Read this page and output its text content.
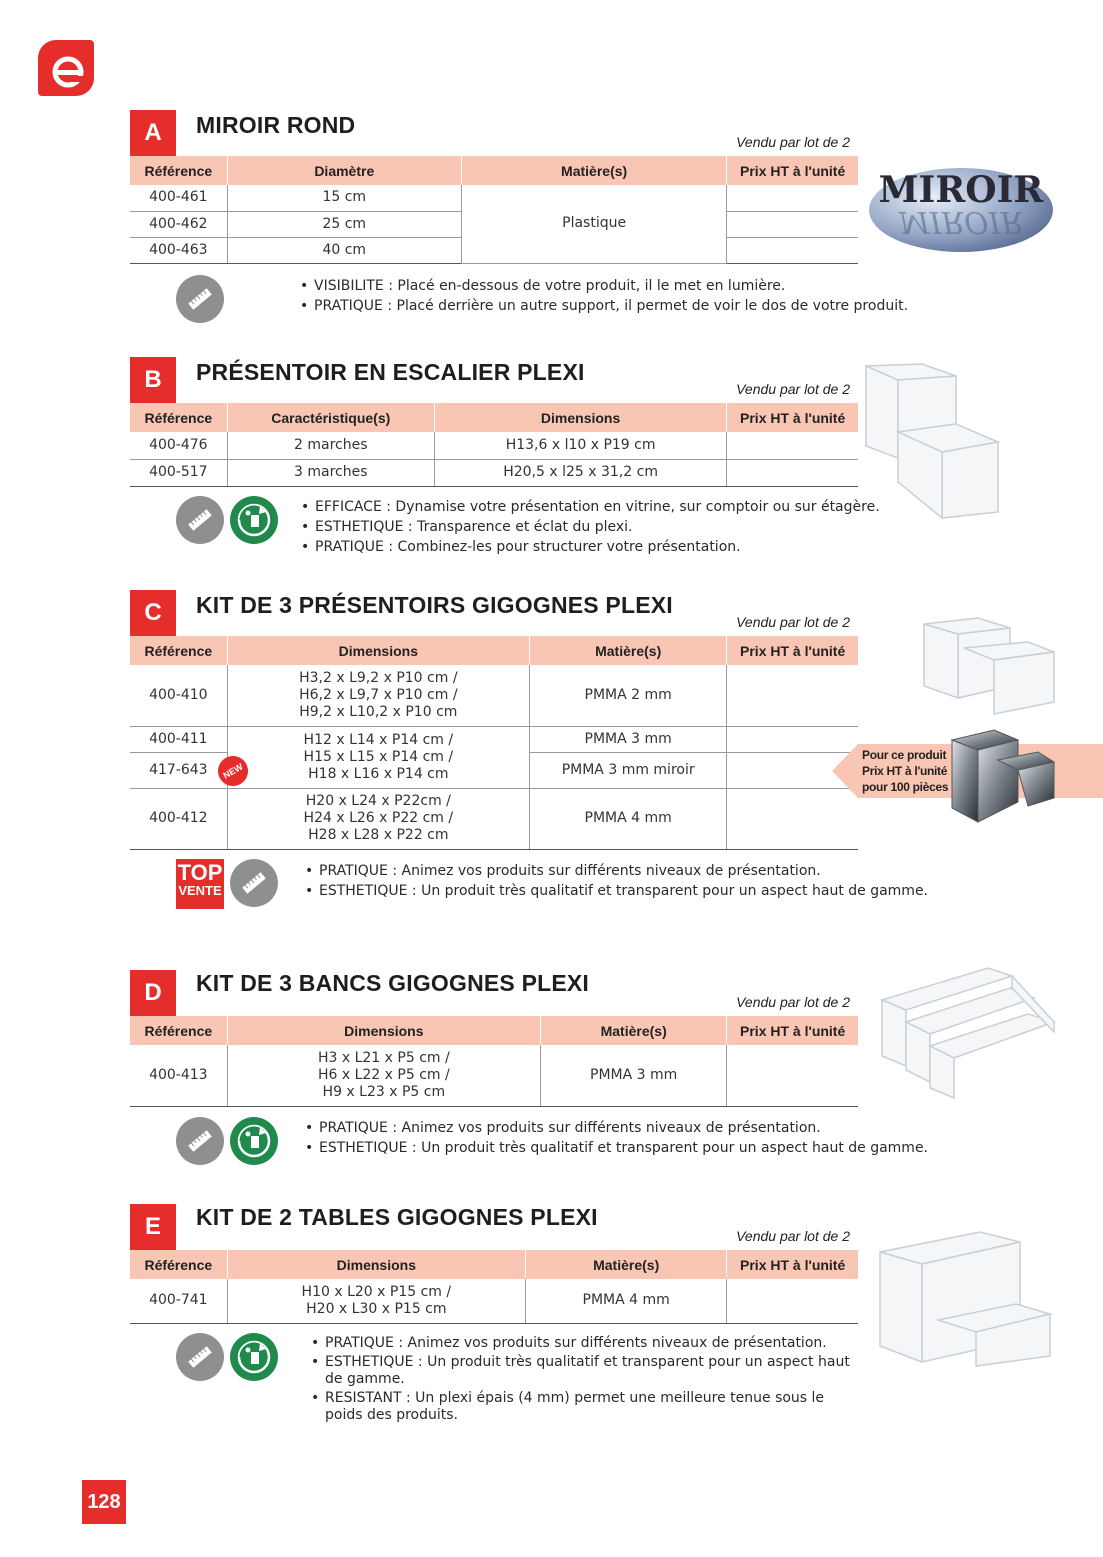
A	MIROIR ROND
Vendu par lot de 2
Référence	Diamètre	Matière(s)	Prix HT à l'unité
400-461	15 cm	Plastique	
400-462	25 cm		
400-463	40 cm		
• VISIBILITE : Placé en-dessous de votre produit, il le met en lumière.
• PRATIQUE : Placé derrière un autre support, il permet de voir le dos de votre produit.
MIROIR
MIROIR
B	PRÉSENTOIR EN ESCALIER PLEXI
Vendu par lot de 2
Référence	Caractéristique(s)	Dimensions	Prix HT à l'unité
400-476	2 marches	H13,6 x l10 x P19 cm	
400-517	3 marches	H20,5 x l25 x 31,2 cm	
• EFFICACE : Dynamise votre présentation en vitrine, sur comptoir ou sur étagère.
• ESTHETIQUE : Transparence et éclat du plexi.
• PRATIQUE : Combinez-les pour structurer votre présentation.
C	KIT DE 3 PRÉSENTOIRS GIGOGNES PLEXI
Vendu par lot de 2
Référence	Dimensions	Matière(s)	Prix HT à l'unité
400-410	H3,2 x L9,2 x P10 cm /
H6,2 x L9,7 x P10 cm /
H9,2 x L10,2 x P10 cm	PMMA 2 mm	
400-411	H12 x L14 x P14 cm /
H15 x L15 x P14 cm /
H18 x L16 x P14 cm	PMMA 3 mm	
417-643		PMMA 3 mm miroir	
400-412	H20 x L24 x P22cm /
H24 x L26 x P22 cm /
H28 x L28 x P22 cm	PMMA 4 mm	
NEW
TOP
VENTE
• PRATIQUE : Animez vos produits sur différents niveaux de présentation.
• ESTHETIQUE : Un produit très qualitatif et transparent pour un aspect haut de gamme.
Pour ce produit
Prix HT à l'unité
pour 100 pièces
D	KIT DE 3 BANCS GIGOGNES PLEXI
Vendu par lot de 2
Référence	Dimensions	Matière(s)	Prix HT à l'unité
400-413	H3 x L21 x P5 cm /
H6 x L22 x P5 cm /
H9 x L23 x P5 cm	PMMA 3 mm	
• PRATIQUE : Animez vos produits sur différents niveaux de présentation.
• ESTHETIQUE : Un produit très qualitatif et transparent pour un aspect haut de gamme.
E	KIT DE 2 TABLES GIGOGNES PLEXI
Vendu par lot de 2
Référence	Dimensions	Matière(s)	Prix HT à l'unité
400-741	H10 x L20 x P15 cm /
H20 x L30 x P15 cm	PMMA 4 mm	
• PRATIQUE : Animez vos produits sur différents niveaux de présentation.
• ESTHETIQUE : Un produit très qualitatif et transparent pour un aspect haut de gamme.
• RESISTANT : Un plexi épais (4 mm) permet une meilleure tenue sous le poids des produits.
128
